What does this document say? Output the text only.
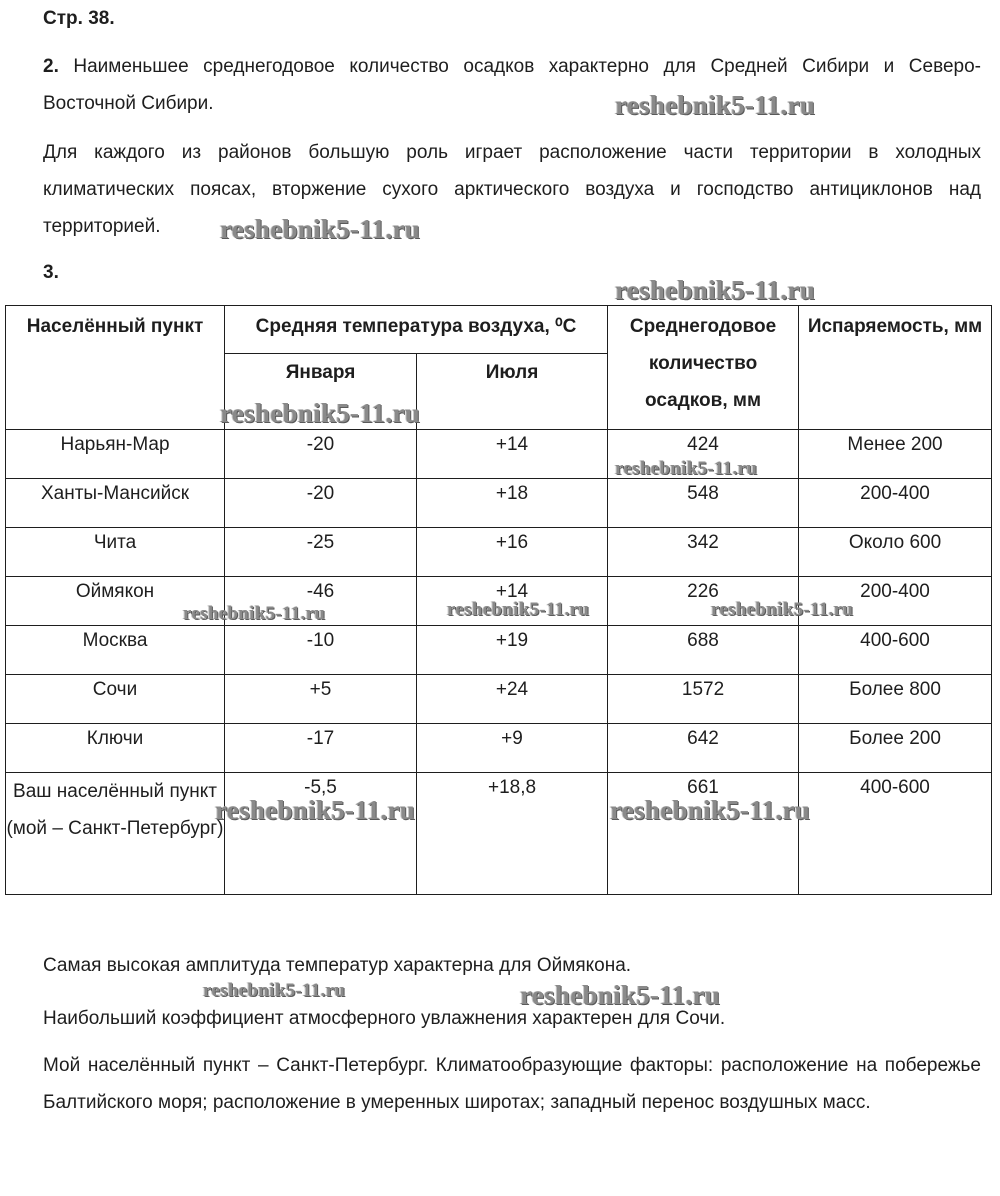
Стр. 38.

2. Наименьшее среднегодовое количество осадков характерно для Средней Сибири и Северо-Восточной Сибири.

Для каждого из районов большую роль играет расположение части территории в холодных климатических поясах, вторжение сухого арктического воздуха и господство антициклонов над территорией.

3.
Населённый пункт	Средняя температура воздуха, ⁰С		Среднегодовое количество осадков, мм	Испаряемость, мм
	Января	Июля		
Нарьян-Мар	-20	+14	424	Менее 200
Ханты-Мансийск	-20	+18	548	200-400
Чита	-25	+16	342	Около 600
Оймякон	-46	+14	226	200-400
Москва	-10	+19	688	400-600
Сочи	+5	+24	1572	Более 800
Ключи	-17	+9	642	Более 200
Ваш населённый пункт (мой – Санкт-Петербург)	-5,5	+18,8	661	400-600

Самая высокая амплитуда температур характерна для Оймякона.

Наибольший коэффициент атмосферного увлажнения характерен для Сочи.

Мой населённый пункт – Санкт-Петербург. Климатообразующие факторы: расположение на побережье Балтийского моря; расположение в умеренных широтах; западный перенос воздушных масс.

reshebnik5-11.ru
reshebnik5-11.ru
reshebnik5-11.ru
reshebnik5-11.ru
reshebnik5-11.ru
reshebnik5-11.ru	reshebnik5-11.ru	reshebnik5-11.ru
reshebnik5-11.ru	reshebnik5-11.ru
reshebnik5-11.ru	reshebnik5-11.ru
